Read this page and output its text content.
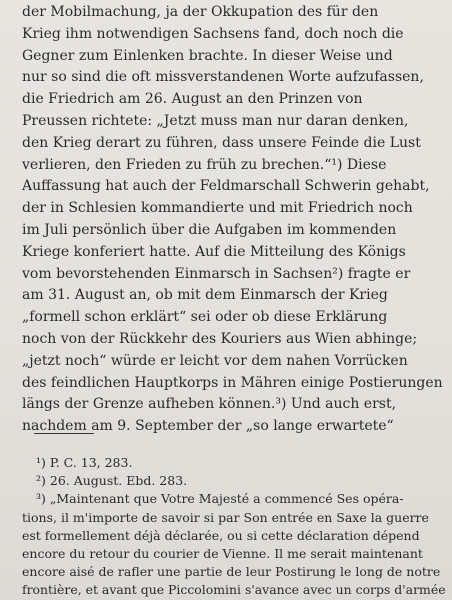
der Mobilmachung, ja der Okkupation des für den
Krieg ihm notwendigen Sachsens fand, doch noch die
Gegner zum Einlenken brachte. In dieser Weise und
nur so sind die oft missverstandenen Worte aufzufassen,
die Friedrich am 26. August an den Prinzen von
Preussen richtete: „Jetzt muss man nur daran denken,
den Krieg derart zu führen, dass unsere Feinde die Lust
verlieren, den Frieden zu früh zu brechen.“¹) Diese
Auffassung hat auch der Feldmarschall Schwerin gehabt,
der in Schlesien kommandierte und mit Friedrich noch
im Juli persönlich über die Aufgaben im kommenden
Kriege konferiert hatte. Auf die Mitteilung des Königs
vom bevorstehenden Einmarsch in Sachsen²) fragte er
am 31. August an, ob mit dem Einmarsch der Krieg
„formell schon erklärt“ sei oder ob diese Erklärung
noch von der Rückkehr des Kouriers aus Wien abhinge;
„jetzt noch“ würde er leicht vor dem nahen Vorrücken
des feindlichen Hauptkorps in Mähren einige Postierungen
längs der Grenze aufheben können.³) Und auch erst,
nachdem am 9. September der „so lange erwartete“
¹) P. C. 13, 283.
²) 26. August. Ebd. 283.
³) „Maintenant que Votre Majesté a commencé Ses opéra-
tions, il m'importe de savoir si par Son entrée en Saxe la guerre
est formellement déjà déclarée, ou si cette déclaration dépend
encore du retour du courier de Vienne. Il me serait maintenant
encore aisé de rafler une partie de leur Postirung le long de notre
frontière, et avant que Piccolomini s'avance avec un corps d'armée
